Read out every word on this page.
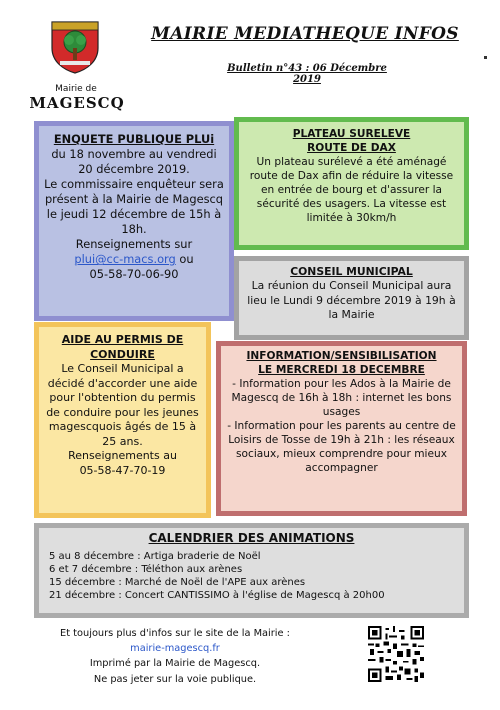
Mairie de
MAGESCQ
MAIRIE MEDIATHEQUE INFOS
Bulletin n°43 : 06 Décembre 2019
ENQUETE PUBLIQUE PLUi
du 18 novembre au vendredi 20 décembre 2019.
Le commissaire enquêteur sera présent à la Mairie de Magescq le jeudi 12 décembre de 15h à 18h.
Renseignements sur
plui@cc-macs.org ou
05-58-70-06-90
PLATEAU SURELEVE
ROUTE DE DAX
Un plateau surélevé a été aménagé route de Dax afin de réduire la vitesse en entrée de bourg et d'assurer la sécurité des usagers. La vitesse est limitée à 30km/h
CONSEIL MUNICIPAL
La réunion du Conseil Municipal aura lieu le Lundi 9 décembre 2019 à 19h à la Mairie
AIDE AU PERMIS DE CONDUIRE
Le Conseil Municipal a décidé d'accorder une aide pour l'obtention du permis de conduire pour les jeunes magescquois âgés de 15 à 25 ans.
Renseignements au
05-58-47-70-19
INFORMATION/SENSIBILISATION
LE MERCREDI 18 DECEMBRE
- Information pour les Ados à la Mairie de Magescq de 16h à 18h : internet les bons usages
- Information pour les parents au centre de Loisirs de Tosse de 19h à 21h : les réseaux sociaux, mieux comprendre pour mieux accompagner
CALENDRIER DES ANIMATIONS
5 au 8 décembre : Artiga braderie de Noël
6 et 7 décembre : Téléthon aux arènes
15 décembre : Marché de Noël de l'APE aux arènes
21 décembre : Concert CANTISSIMO à l'église de Magescq à 20h00
Et toujours plus d'infos sur le site de la Mairie :
mairie-magescq.fr
Imprimé par la Mairie de Magescq.
Ne pas jeter sur la voie publique.
